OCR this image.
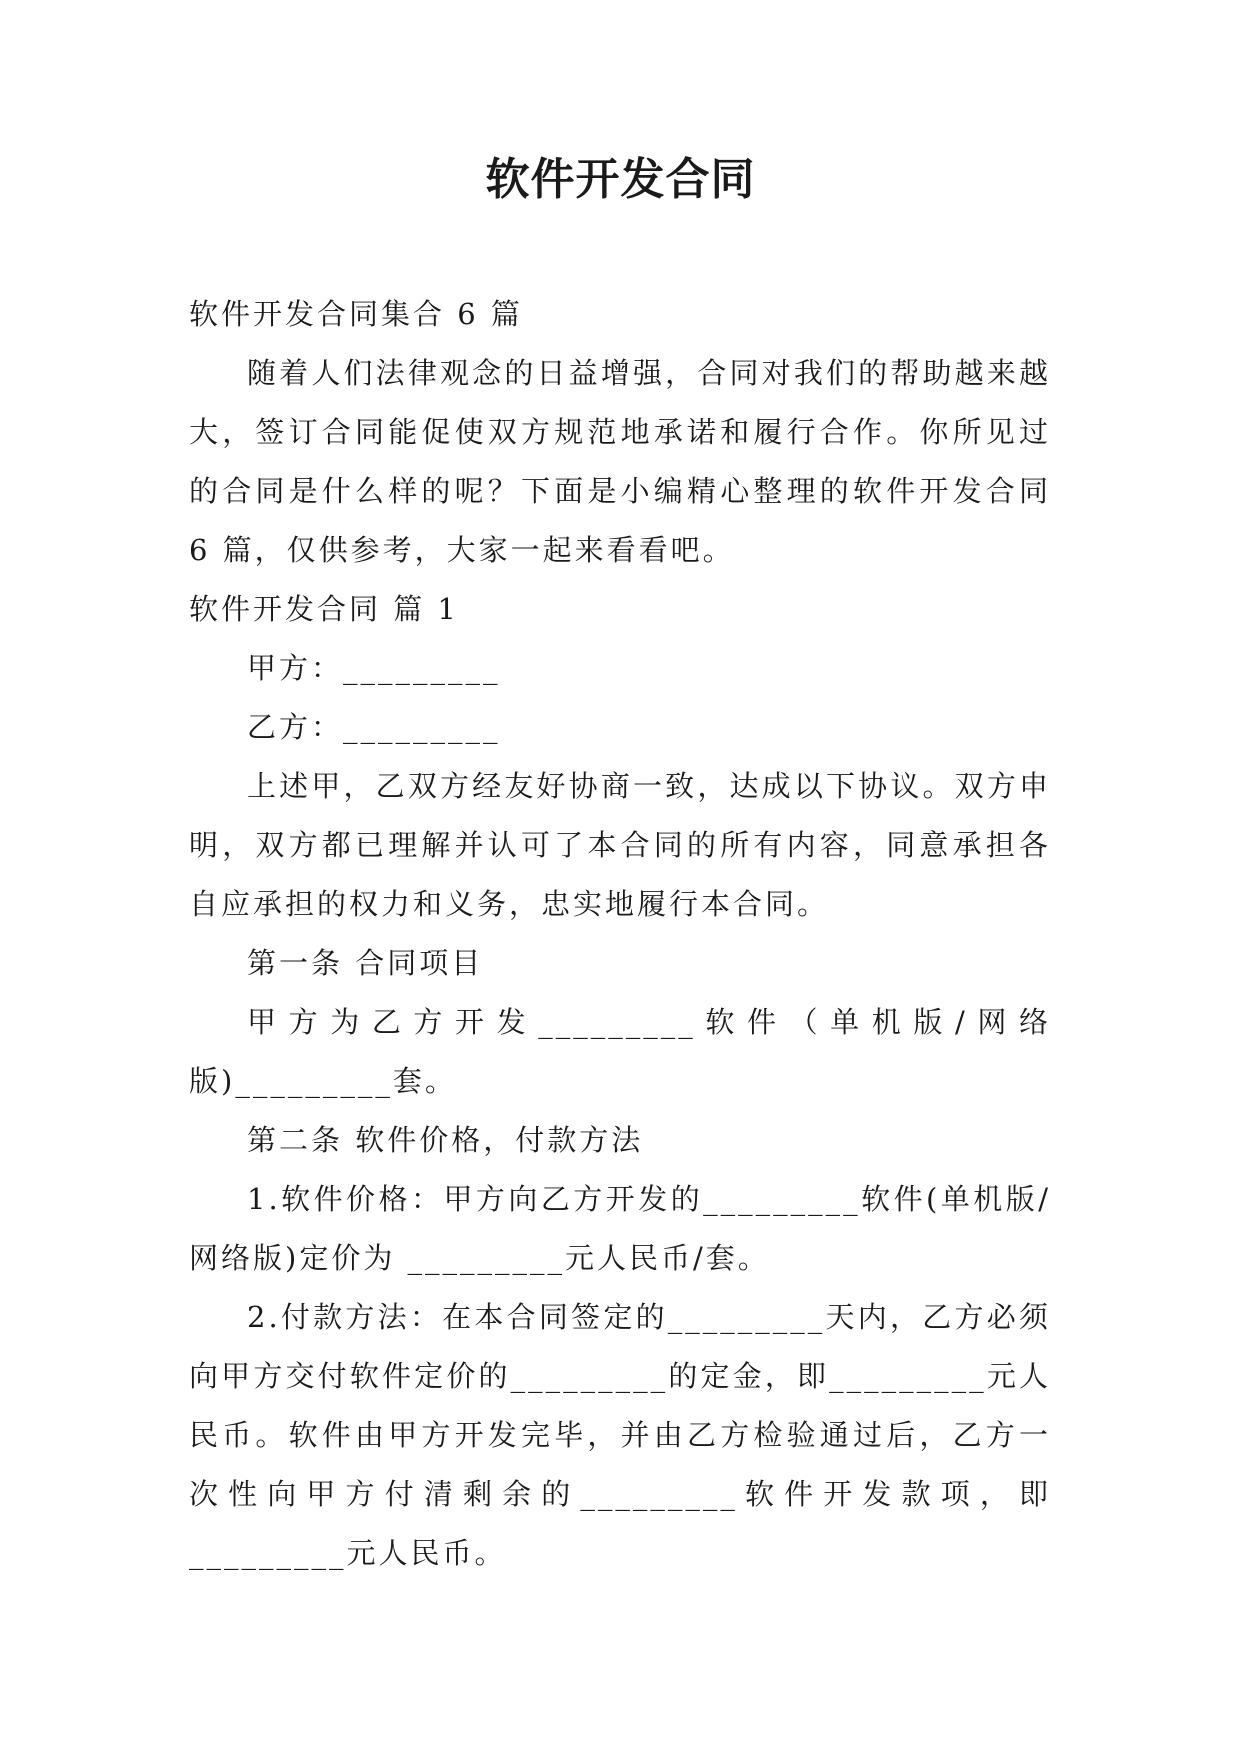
软件开发合同

软件开发合同集合 6 篇

随着人们法律观念的日益增强，合同对我们的帮助越来越大，签订合同能促使双方规范地承诺和履行合作。你所见过的合同是什么样的呢？下面是小编精心整理的软件开发合同 6 篇，仅供参考，大家一起来看看吧。

软件开发合同 篇 1

甲方：_________

乙方：_________

上述甲，乙双方经友好协商一致，达成以下协议。双方申明，双方都已理解并认可了本合同的所有内容，同意承担各自应承担的权力和义务，忠实地履行本合同。

第一条 合同项目

甲方为乙方开发_________软件（单机版/网络版)_________套。

第二条 软件价格，付款方法

1.软件价格：甲方向乙方开发的_________软件(单机版/网络版)定价为 _________元人民币/套。

2.付款方法：在本合同签定的_________天内，乙方必须向甲方交付软件定价的_________的定金，即_________元人民币。软件由甲方开发完毕，并由乙方检验通过后，乙方一次性向甲方付清剩余的_________软件开发款项，即_________元人民币。
